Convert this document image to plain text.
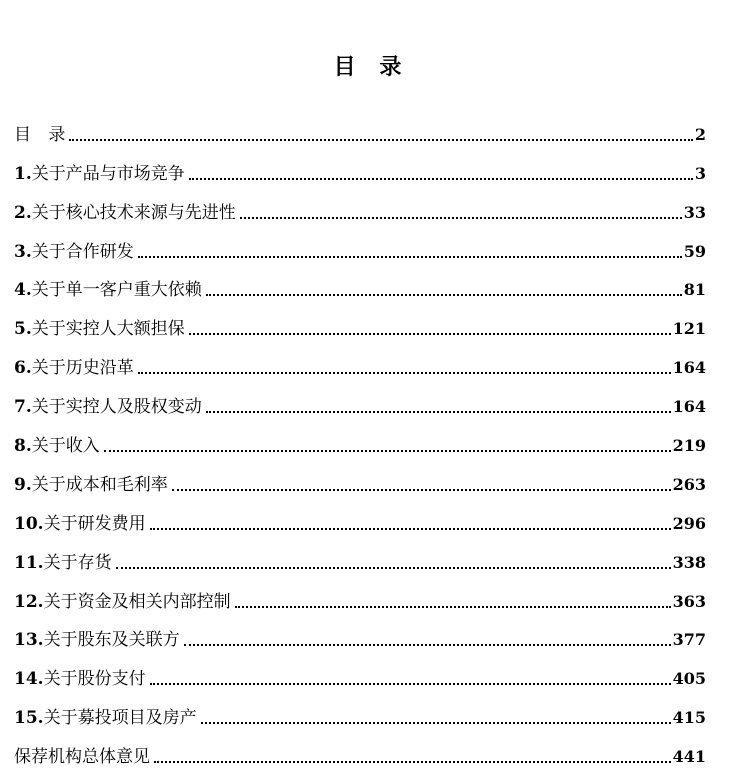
目 录
目 录	2
1.关于产品与市场竞争	3
2.关于核心技术来源与先进性	33
3.关于合作研发	59
4.关于单一客户重大依赖	81
5.关于实控人大额担保	121
6.关于历史沿革	164
7.关于实控人及股权变动	164
8.关于收入	219
9.关于成本和毛利率	263
10.关于研发费用	296
11.关于存货	338
12.关于资金及相关内部控制	363
13.关于股东及关联方	377
14.关于股份支付	405
15.关于募投项目及房产	415
保荐机构总体意见	441
